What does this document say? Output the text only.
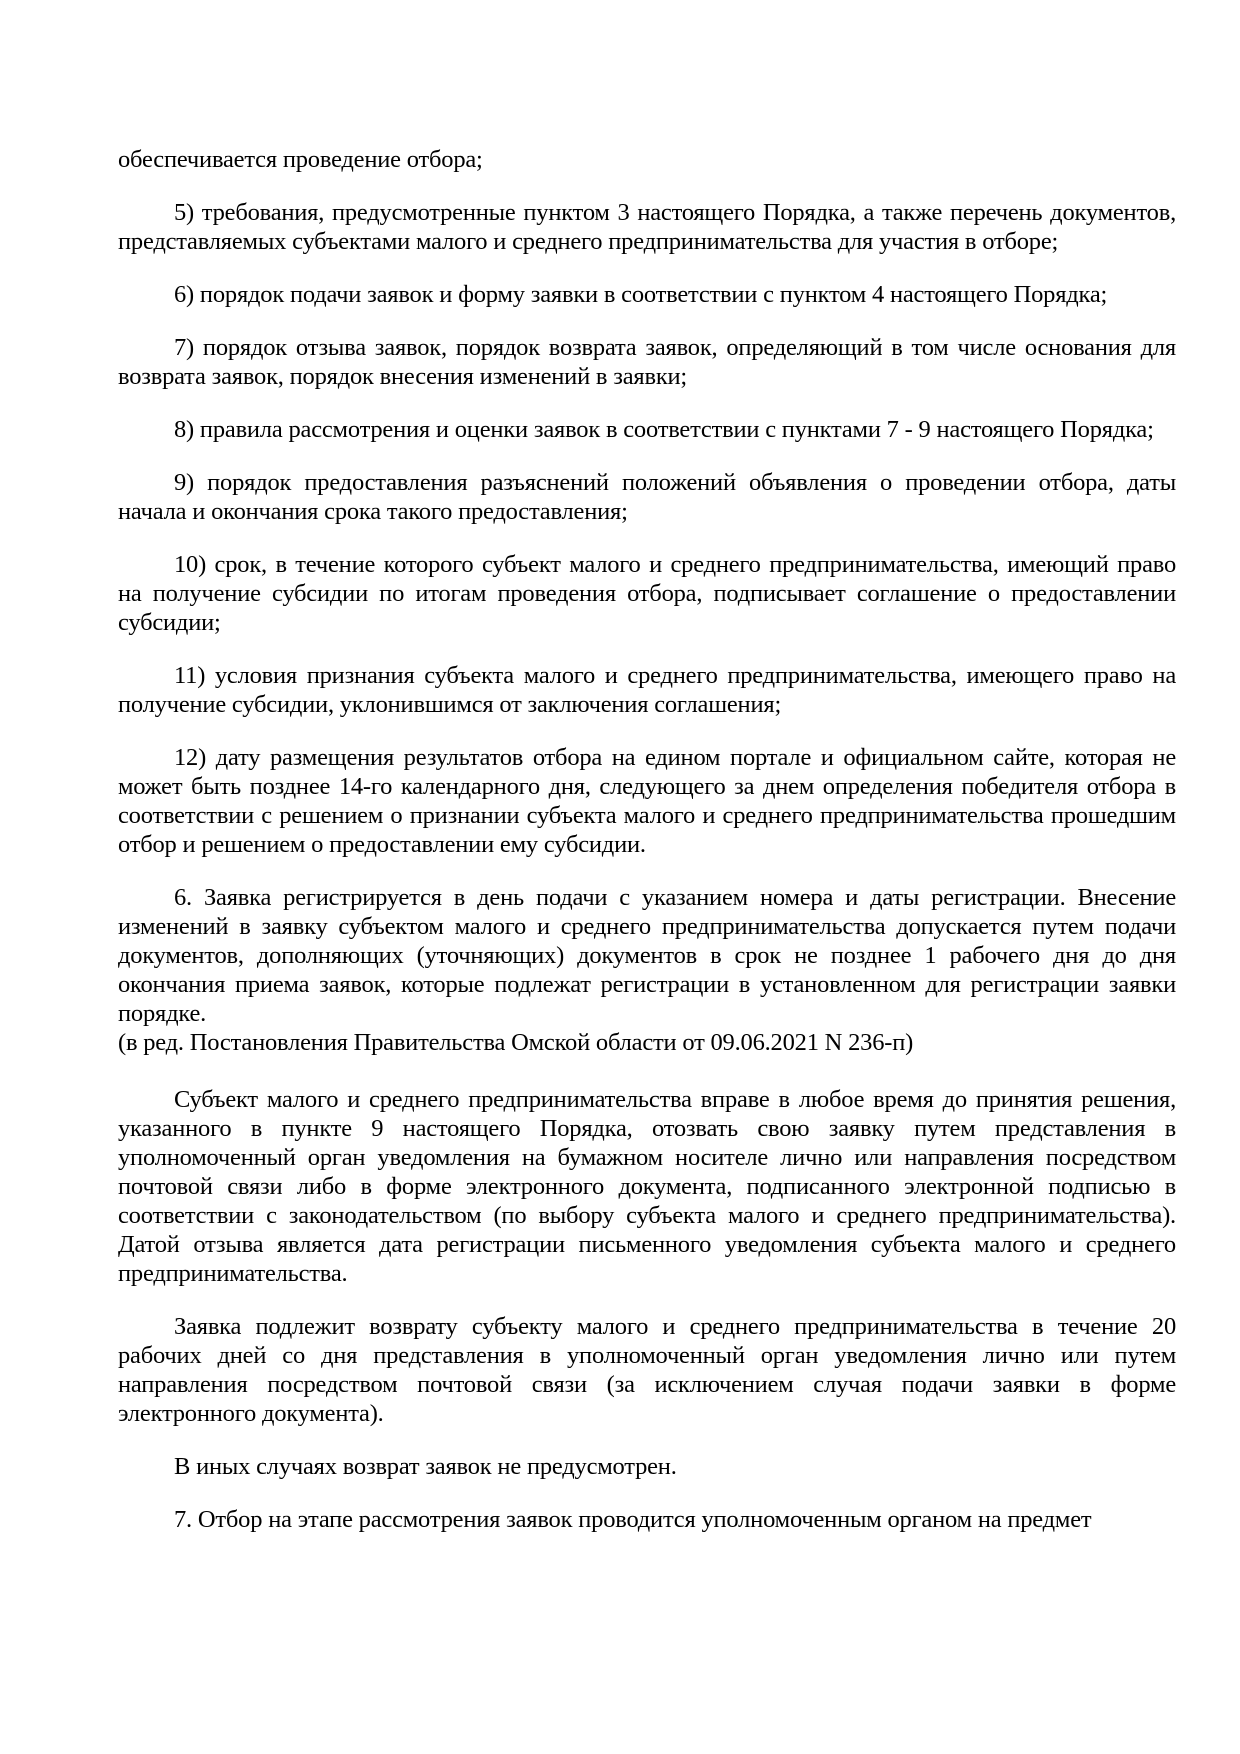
обеспечивается проведение отбора;

5) требования, предусмотренные пунктом 3 настоящего Порядка, а также перечень документов, представляемых субъектами малого и среднего предпринимательства для участия в отборе;

6) порядок подачи заявок и форму заявки в соответствии с пунктом 4 настоящего Порядка;

7) порядок отзыва заявок, порядок возврата заявок, определяющий в том числе основания для возврата заявок, порядок внесения изменений в заявки;

8) правила рассмотрения и оценки заявок в соответствии с пунктами 7 - 9 настоящего Порядка;

9) порядок предоставления разъяснений положений объявления о проведении отбора, даты начала и окончания срока такого предоставления;

10) срок, в течение которого субъект малого и среднего предпринимательства, имеющий право на получение субсидии по итогам проведения отбора, подписывает соглашение о предоставлении субсидии;

11) условия признания субъекта малого и среднего предпринимательства, имеющего право на получение субсидии, уклонившимся от заключения соглашения;

12) дату размещения результатов отбора на едином портале и официальном сайте, которая не может быть позднее 14-го календарного дня, следующего за днем определения победителя отбора в соответствии с решением о признании субъекта малого и среднего предпринимательства прошедшим отбор и решением о предоставлении ему субсидии.

6. Заявка регистрируется в день подачи с указанием номера и даты регистрации. Внесение изменений в заявку субъектом малого и среднего предпринимательства допускается путем подачи документов, дополняющих (уточняющих) документов в срок не позднее 1 рабочего дня до дня окончания приема заявок, которые подлежат регистрации в установленном для регистрации заявки порядке.

(в ред. Постановления Правительства Омской области от 09.06.2021 N 236-п)

Субъект малого и среднего предпринимательства вправе в любое время до принятия решения, указанного в пункте 9 настоящего Порядка, отозвать свою заявку путем представления в уполномоченный орган уведомления на бумажном носителе лично или направления посредством почтовой связи либо в форме электронного документа, подписанного электронной подписью в соответствии с законодательством (по выбору субъекта малого и среднего предпринимательства). Датой отзыва является дата регистрации письменного уведомления субъекта малого и среднего предпринимательства.

Заявка подлежит возврату субъекту малого и среднего предпринимательства в течение 20 рабочих дней со дня представления в уполномоченный орган уведомления лично или путем направления посредством почтовой связи (за исключением случая подачи заявки в форме электронного документа).

В иных случаях возврат заявок не предусмотрен.

7. Отбор на этапе рассмотрения заявок проводится уполномоченным органом на предмет
